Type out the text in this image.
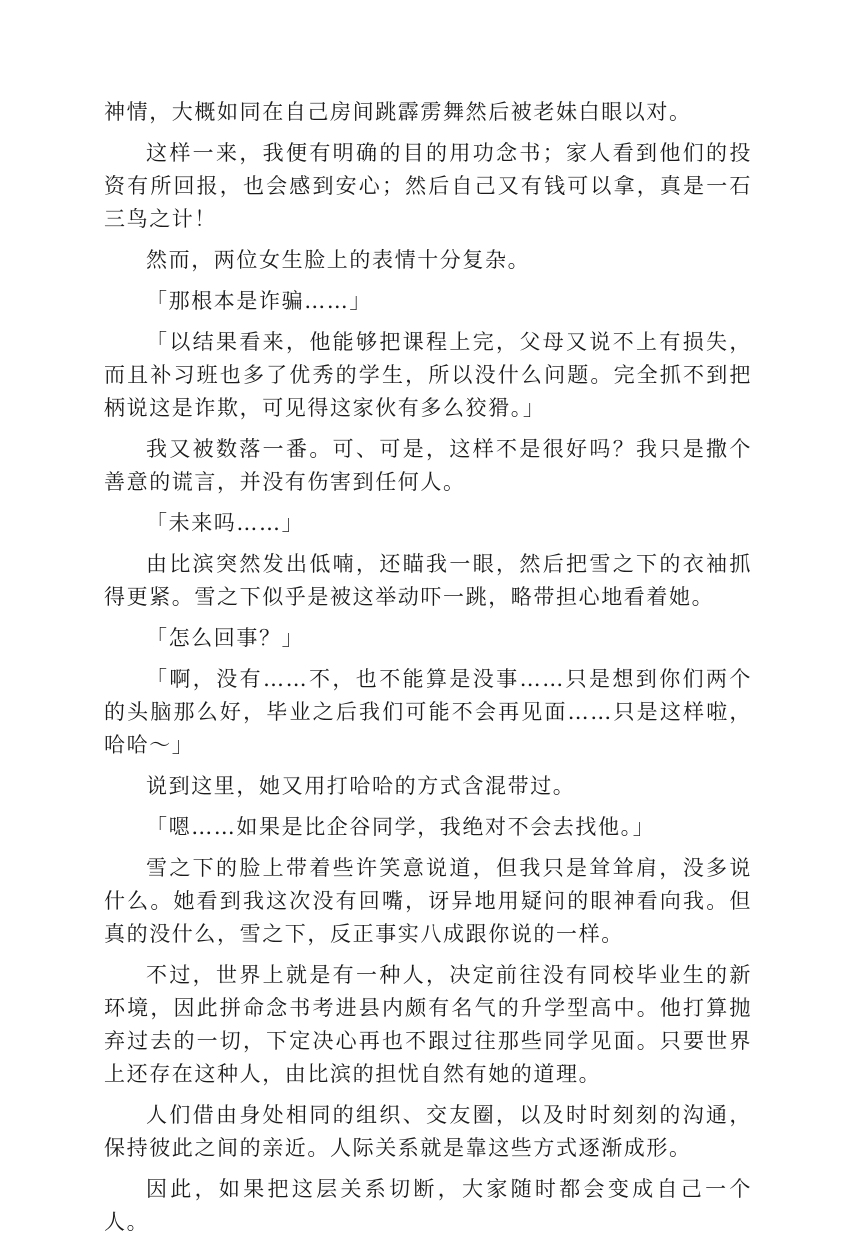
神情，大概如同在自己房间跳霹雳舞然后被老妹白眼以对。

这样一来，我便有明确的目的用功念书；家人看到他们的投资有所回报，也会感到安心；然后自己又有钱可以拿，真是一石三鸟之计！

然而，两位女生脸上的表情十分复杂。

「那根本是诈骗……」

「以结果看来，他能够把课程上完，父母又说不上有损失，而且补习班也多了优秀的学生，所以没什么问题。完全抓不到把柄说这是诈欺，可见得这家伙有多么狡猾。」

我又被数落一番。可、可是，这样不是很好吗？我只是撒个善意的谎言，并没有伤害到任何人。

「未来吗……」

由比滨突然发出低喃，还瞄我一眼，然后把雪之下的衣袖抓得更紧。雪之下似乎是被这举动吓一跳，略带担心地看着她。

「怎么回事？」

「啊，没有……不，也不能算是没事……只是想到你们两个的头脑那么好，毕业之后我们可能不会再见面……只是这样啦，哈哈～」

说到这里，她又用打哈哈的方式含混带过。

「嗯……如果是比企谷同学，我绝对不会去找他。」

雪之下的脸上带着些许笑意说道，但我只是耸耸肩，没多说什么。她看到我这次没有回嘴，讶异地用疑问的眼神看向我。但真的没什么，雪之下，反正事实八成跟你说的一样。

不过，世界上就是有一种人，决定前往没有同校毕业生的新环境，因此拼命念书考进县内颇有名气的升学型高中。他打算抛弃过去的一切，下定决心再也不跟过往那些同学见面。只要世界上还存在这种人，由比滨的担忧自然有她的道理。

人们借由身处相同的组织、交友圈，以及时时刻刻的沟通，保持彼此之间的亲近。人际关系就是靠这些方式逐渐成形。

因此，如果把这层关系切断，大家随时都会变成自己一个人。
